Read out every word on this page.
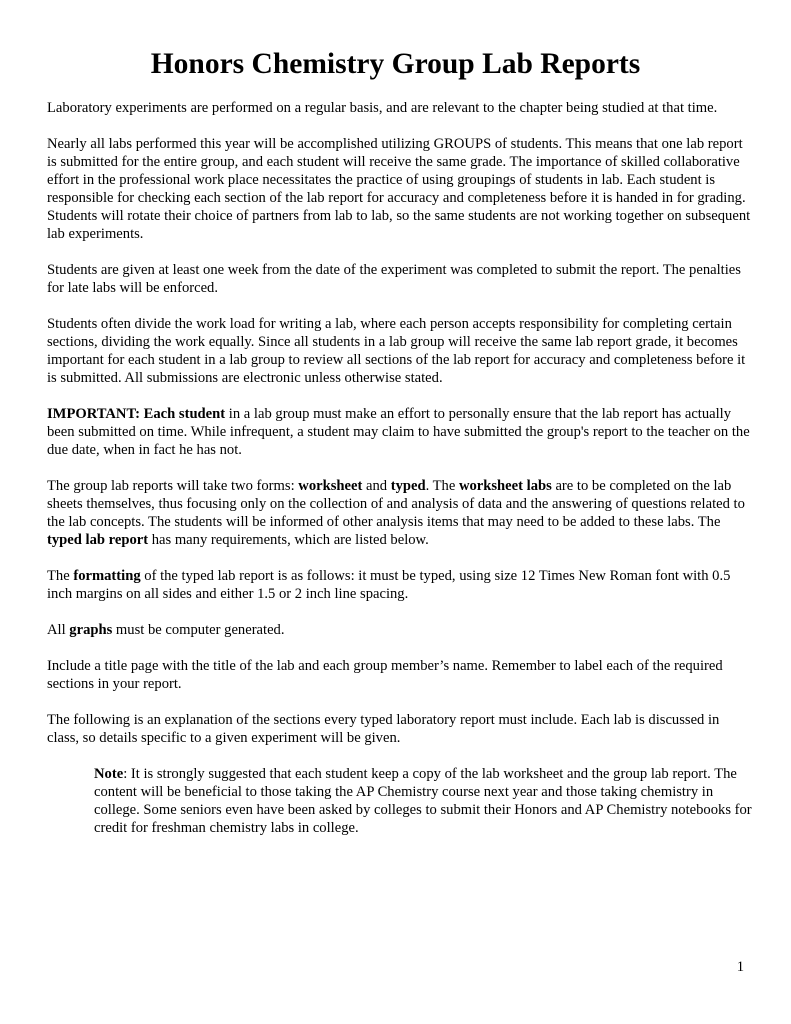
Honors Chemistry Group Lab Reports

Laboratory experiments are performed on a regular basis, and are relevant to the chapter being studied at that time.

Nearly all labs performed this year will be accomplished utilizing GROUPS of students. This means that one lab report is submitted for the entire group, and each student will receive the same grade. The importance of skilled collaborative effort in the professional work place necessitates the practice of using groupings of students in lab. Each student is responsible for checking each section of the lab report for accuracy and completeness before it is handed in for grading. Students will rotate their choice of partners from lab to lab, so the same students are not working together on subsequent lab experiments.

Students are given at least one week from the date of the experiment was completed to submit the report. The penalties for late labs will be enforced.

Students often divide the work load for writing a lab, where each person accepts responsibility for completing certain sections, dividing the work equally. Since all students in a lab group will receive the same lab report grade, it becomes important for each student in a lab group to review all sections of the lab report for accuracy and completeness before it is submitted. All submissions are electronic unless otherwise stated.

IMPORTANT: Each student in a lab group must make an effort to personally ensure that the lab report has actually been submitted on time. While infrequent, a student may claim to have submitted the group's report to the teacher on the due date, when in fact he has not.

The group lab reports will take two forms: worksheet and typed. The worksheet labs are to be completed on the lab sheets themselves, thus focusing only on the collection of and analysis of data and the answering of questions related to the lab concepts. The students will be informed of other analysis items that may need to be added to these labs. The typed lab report has many requirements, which are listed below.

The formatting of the typed lab report is as follows: it must be typed, using size 12 Times New Roman font with 0.5 inch margins on all sides and either 1.5 or 2 inch line spacing.

All graphs must be computer generated.

Include a title page with the title of the lab and each group member’s name. Remember to label each of the required sections in your report.

The following is an explanation of the sections every typed laboratory report must include. Each lab is discussed in class, so details specific to a given experiment will be given.

Note: It is strongly suggested that each student keep a copy of the lab worksheet and the group lab report. The content will be beneficial to those taking the AP Chemistry course next year and those taking chemistry in college. Some seniors even have been asked by colleges to submit their Honors and AP Chemistry notebooks for credit for freshman chemistry labs in college.

1
